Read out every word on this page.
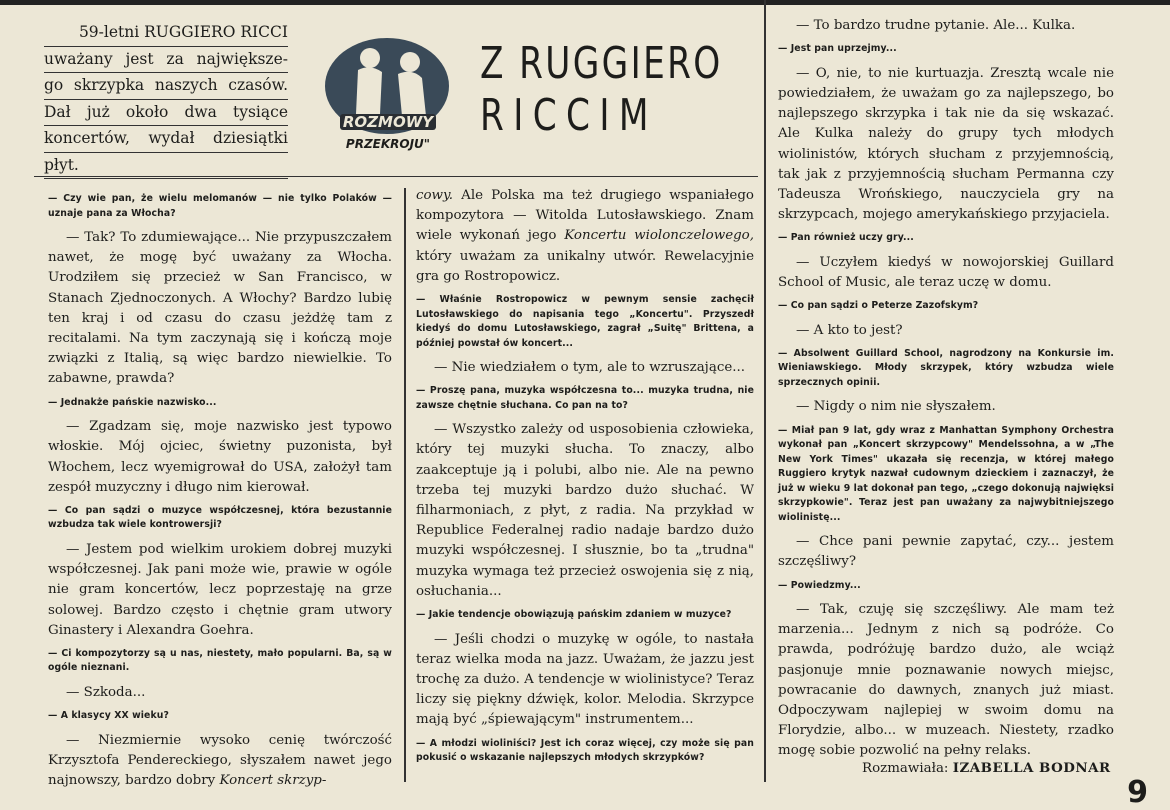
59-letni RUGGIERO RICCI
uważany jest za największe-
go skrzypka naszych czasów.
Dał już około dwa tysiące
koncertów, wydał dziesiątki
płyt.
ROZMOWY
PRZEKROJU"
Z RUGGIERO
RICCIM

— Czy wie pan, że wielu melomanów — nie tylko Polaków — uznaje pana za Włocha?

— Tak? To zdumiewające... Nie przypuszczałem nawet, że mogę być uważany za Włocha. Urodziłem się przecież w San Francisco, w Stanach Zjednoczonych. A Włochy? Bardzo lubię ten kraj i od czasu do czasu jeżdżę tam z recitalami. Na tym zaczynają się i kończą moje związki z Italią, są więc bardzo niewielkie. To zabawne, prawda?

— Jednakże pańskie nazwisko...

— Zgadzam się, moje nazwisko jest typowo włoskie. Mój ojciec, świetny puzonista, był Włochem, lecz wyemigrował do USA, założył tam zespół muzyczny i długo nim kierował.

— Co pan sądzi o muzyce współczesnej, która bezustannie wzbudza tak wiele kontrowersji?

— Jestem pod wielkim urokiem dobrej muzyki współczesnej. Jak pani może wie, prawie w ogóle nie gram koncertów, lecz poprzestaję na grze solowej. Bardzo często i chętnie gram utwory Ginastery i Alexandra Goehra.

— Ci kompozytorzy są u nas, niestety, mało popularni. Ba, są w ogóle nieznani.

— Szkoda...

— A klasycy XX wieku?

— Niezmiernie wysoko cenię twórczość Krzysztofa Pendereckiego, słyszałem nawet jego najnowszy, bardzo dobry Koncert skrzyp-

cowy. Ale Polska ma też drugiego wspaniałego kompozytora — Witolda Lutosławskiego. Znam wiele wykonań jego Koncertu wiolonczelowego, który uważam za unikalny utwór. Rewelacyjnie gra go Rostropowicz.

— Właśnie Rostropowicz w pewnym sensie zachęcił Lutosławskiego do napisania tego „Koncertu". Przyszedł kiedyś do domu Lutosławskiego, zagrał „Suitę" Brittena, a później powstał ów koncert...

— Nie wiedziałem o tym, ale to wzruszające...

— Proszę pana, muzyka współczesna to... muzyka trudna, nie zawsze chętnie słuchana. Co pan na to?

— Wszystko zależy od usposobienia człowieka, który tej muzyki słucha. To znaczy, albo zaakceptuje ją i polubi, albo nie. Ale na pewno trzeba tej muzyki bardzo dużo słuchać. W filharmoniach, z płyt, z radia. Na przykład w Republice Federalnej radio nadaje bardzo dużo muzyki współczesnej. I słusznie, bo ta „trudna" muzyka wymaga też przecież oswojenia się z nią, osłuchania...

— Jakie tendencje obowiązują pańskim zdaniem w muzyce?

— Jeśli chodzi o muzykę w ogóle, to nastała teraz wielka moda na jazz. Uważam, że jazzu jest trochę za dużo. A tendencje w wiolinistyce? Teraz liczy się piękny dźwięk, kolor. Melodia. Skrzypce mają być „śpiewającym" instrumentem...

— A młodzi wioliniści? Jest ich coraz więcej, czy może się pan pokusić o wskazanie najlepszych młodych skrzypków?

— To bardzo trudne pytanie. Ale... Kulka.

— Jest pan uprzejmy...

— O, nie, to nie kurtuazja. Zresztą wcale nie powiedziałem, że uważam go za najlepszego, bo najlepszego skrzypka i tak nie da się wskazać. Ale Kulka należy do grupy tych młodych wiolinistów, których słucham z przyjemnością, tak jak z przyjemnością słucham Permanna czy Tadeusza Wrońskiego, nauczyciela gry na skrzypcach, mojego amerykańskiego przyjaciela.

— Pan również uczy gry...

— Uczyłem kiedyś w nowojorskiej Guillard School of Music, ale teraz uczę w domu.

— Co pan sądzi o Peterze Zazofskym?

— A kto to jest?

— Absolwent Guillard School, nagrodzony na Konkursie im. Wieniawskiego. Młody skrzypek, który wzbudza wiele sprzecznych opinii.

— Nigdy o nim nie słyszałem.

— Miał pan 9 lat, gdy wraz z Manhattan Symphony Orchestra wykonał pan „Koncert skrzypcowy" Mendelssohna, a w „The New York Times" ukazała się recenzja, w której małego Ruggiero krytyk nazwał cudownym dzieckiem i zaznaczył, że już w wieku 9 lat dokonał pan tego, „czego dokonują najwięksi skrzypkowie". Teraz jest pan uważany za najwybitniejszego wiolinistę...

— Chce pani pewnie zapytać, czy... jestem szczęśliwy?

— Powiedzmy...

— Tak, czuję się szczęśliwy. Ale mam też marzenia... Jednym z nich są podróże. Co prawda, podróżuję bardzo dużo, ale wciąż pasjonuje mnie poznawanie nowych miejsc, powracanie do dawnych, znanych już miast. Odpoczywam najlepiej w swoim domu na Florydzie, albo... w muzeach. Niestety, rzadko mogę sobie pozwolić na pełny relaks.

Rozmawiała: IZABELLA BODNAR
9
